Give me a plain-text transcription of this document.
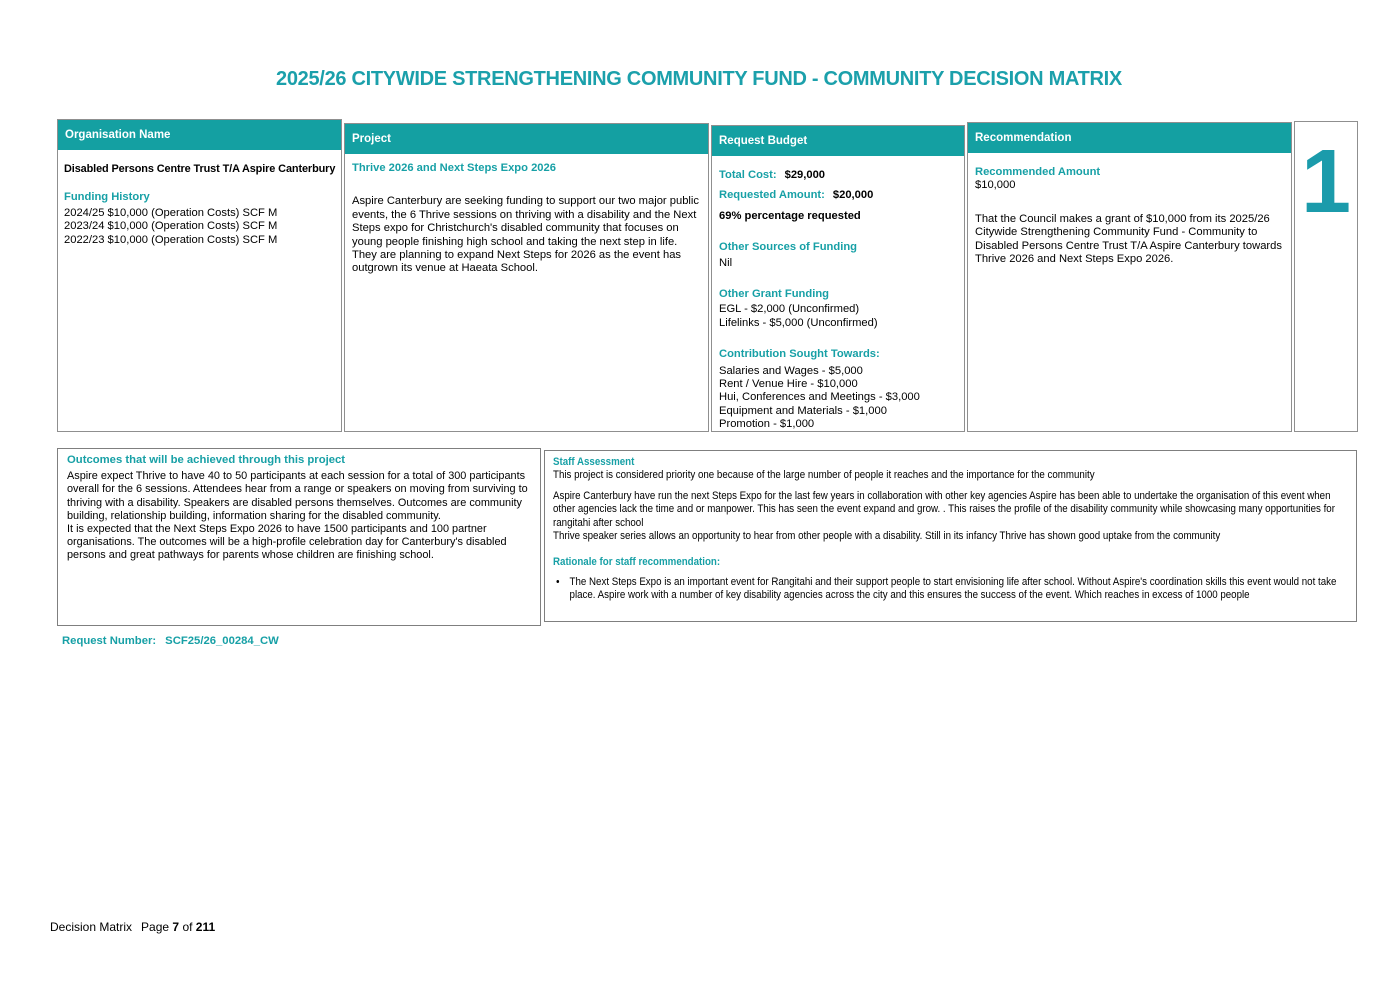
2025/26 CITYWIDE STRENGTHENING COMMUNITY FUND - COMMUNITY DECISION MATRIX
Organisation Name
Disabled Persons Centre Trust T/A Aspire Canterbury
Funding History
2024/25 $10,000 (Operation Costs) SCF M
2023/24 $10,000 (Operation Costs) SCF M
2022/23 $10,000 (Operation Costs) SCF M
Project
Thrive 2026 and Next Steps Expo 2026
Aspire Canterbury are seeking funding to support our two major public events, the 6 Thrive sessions on thriving with a disability and the Next Steps expo for Christchurch's disabled community that focuses on young people finishing high school and taking the next step in life. They are planning to expand Next Steps for 2026 as the event has outgrown its venue at Haeata School.
Request Budget
Total Cost: $29,000
Requested Amount: $20,000
69% percentage requested
Other Sources of Funding
Nil
Other Grant Funding
EGL - $2,000 (Unconfirmed)
Lifelinks - $5,000 (Unconfirmed)
Contribution Sought Towards:
Salaries and Wages - $5,000
Rent / Venue Hire - $10,000
Hui, Conferences and Meetings - $3,000
Equipment and Materials - $1,000
Promotion - $1,000
Recommendation
Recommended Amount
$10,000
That the Council makes a grant of $10,000 from its 2025/26 Citywide Strengthening Community Fund - Community to Disabled Persons Centre Trust T/A Aspire Canterbury towards Thrive 2026 and Next Steps Expo 2026.
1
Outcomes that will be achieved through this project
Aspire expect Thrive to have 40 to 50 participants at each session for a total of 300 participants overall for the 6 sessions. Attendees hear from a range or speakers on moving from surviving to thriving with a disability. Speakers are disabled persons themselves. Outcomes are community building, relationship building, information sharing for the disabled community.
It is expected that the Next Steps Expo 2026 to have 1500 participants and 100 partner organisations. The outcomes will be a high-profile celebration day for Canterbury's disabled persons and great pathways for parents whose children are finishing school.
Staff Assessment
This project is considered priority one because of the large number of people it reaches and the importance for the community
Aspire Canterbury have run the next Steps Expo for the last few years in collaboration with other key agencies Aspire has been able to undertake the organisation of this event when other agencies lack the time and or manpower. This has seen the event expand and grow. . This raises the profile of the disability community while showcasing many opportunities for rangitahi after school
Thrive speaker series allows an opportunity to hear from other people with a disability. Still in its infancy Thrive has shown good uptake from the community
Rationale for staff recommendation:
• The Next Steps Expo is an important event for Rangitahi and their support people to start envisioning life after school. Without Aspire's coordination skills this event would not take place. Aspire work with a number of key disability agencies across the city and this ensures the success of the event. Which reaches in excess of 1000 people
Request Number: SCF25/26_00284_CW
Decision Matrix Page 7 of 211
